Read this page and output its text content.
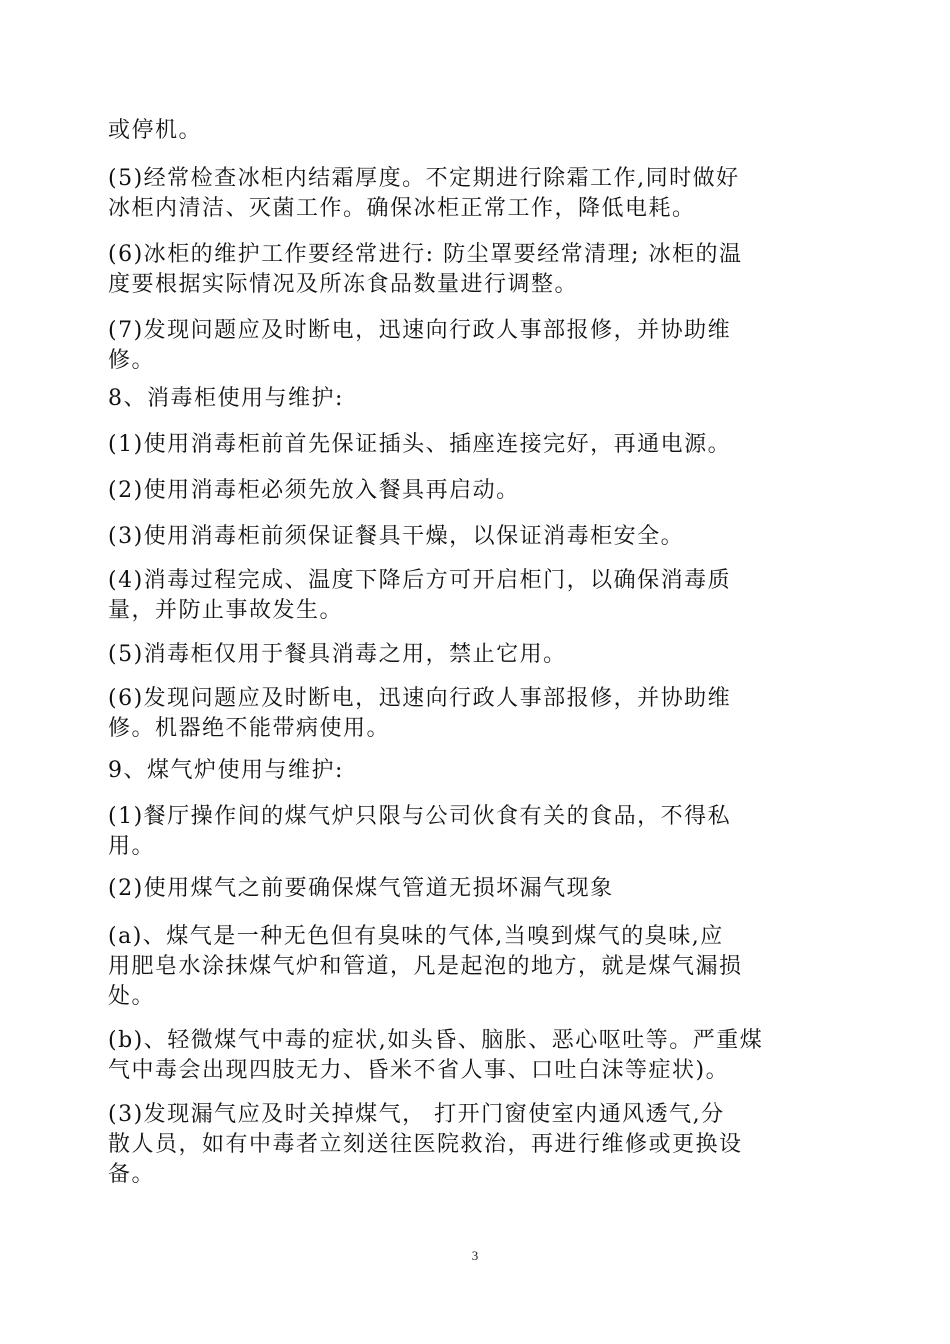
或停机。
(5)经常检查冰柜内结霜厚度。不定期进行除霜工作,同时做好
冰柜内清洁、灭菌工作。确保冰柜正常工作，降低电耗。
(6)冰柜的维护工作要经常进行: 防尘罩要经常清理; 冰柜的温
度要根据实际情况及所冻食品数量进行调整。
(7)发现问题应及时断电，迅速向行政人事部报修，并协助维
修。
8、消毒柜使用与维护:
(1)使用消毒柜前首先保证插头、插座连接完好，再通电源。
(2)使用消毒柜必须先放入餐具再启动。
(3)使用消毒柜前须保证餐具干燥，以保证消毒柜安全。
(4)消毒过程完成、温度下降后方可开启柜门，以确保消毒质
量，并防止事故发生。
(5)消毒柜仅用于餐具消毒之用，禁止它用。
(6)发现问题应及时断电，迅速向行政人事部报修，并协助维
修。机器绝不能带病使用。
9、煤气炉使用与维护:
(1)餐厅操作间的煤气炉只限与公司伙食有关的食品，不得私
用。
(2)使用煤气之前要确保煤气管道无损坏漏气现象
(a)、煤气是一种无色但有臭味的气体,当嗅到煤气的臭味,应
用肥皂水涂抹煤气炉和管道，凡是起泡的地方，就是煤气漏损
处。
(b)、轻微煤气中毒的症状,如头昏、脑胀、恶心呕吐等。严重煤
气中毒会出现四肢无力、昏米不省人事、口吐白沫等症状)。
(3)发现漏气应及时关掉煤气， 打开门窗使室内通风透气,分
散人员，如有中毒者立刻送往医院救治，再进行维修或更换设
备。
3
